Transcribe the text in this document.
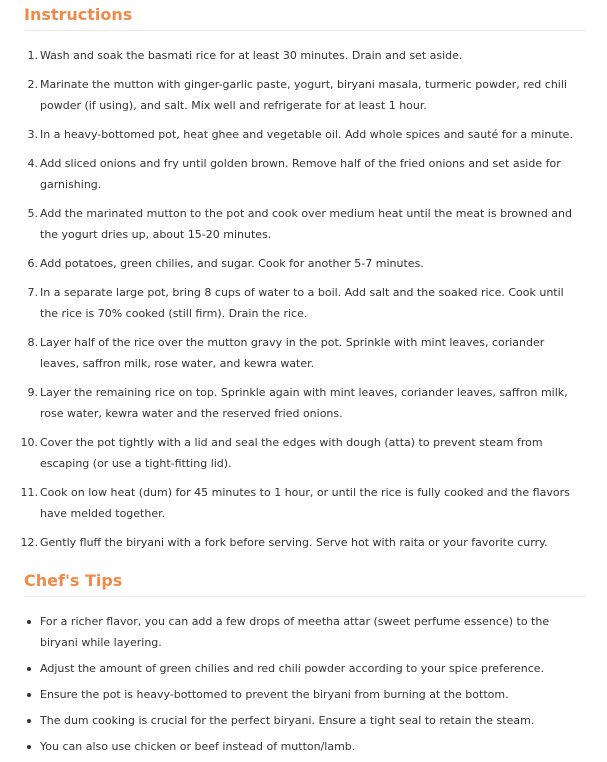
Instructions
1. Wash and soak the basmati rice for at least 30 minutes. Drain and set aside.
2. Marinate the mutton with ginger-garlic paste, yogurt, biryani masala, turmeric powder, red chili powder (if using), and salt. Mix well and refrigerate for at least 1 hour.
3. In a heavy-bottomed pot, heat ghee and vegetable oil. Add whole spices and sauté for a minute.
4. Add sliced onions and fry until golden brown. Remove half of the fried onions and set aside for garnishing.
5. Add the marinated mutton to the pot and cook over medium heat until the meat is browned and the yogurt dries up, about 15-20 minutes.
6. Add potatoes, green chilies, and sugar. Cook for another 5-7 minutes.
7. In a separate large pot, bring 8 cups of water to a boil. Add salt and the soaked rice. Cook until the rice is 70% cooked (still firm). Drain the rice.
8. Layer half of the rice over the mutton gravy in the pot. Sprinkle with mint leaves, coriander leaves, saffron milk, rose water, and kewra water.
9. Layer the remaining rice on top. Sprinkle again with mint leaves, coriander leaves, saffron milk, rose water, kewra water and the reserved fried onions.
10. Cover the pot tightly with a lid and seal the edges with dough (atta) to prevent steam from escaping (or use a tight-fitting lid).
11. Cook on low heat (dum) for 45 minutes to 1 hour, or until the rice is fully cooked and the flavors have melded together.
12. Gently fluff the biryani with a fork before serving. Serve hot with raita or your favorite curry.
Chef's Tips
For a richer flavor, you can add a few drops of meetha attar (sweet perfume essence) to the biryani while layering.
Adjust the amount of green chilies and red chili powder according to your spice preference.
Ensure the pot is heavy-bottomed to prevent the biryani from burning at the bottom.
The dum cooking is crucial for the perfect biryani. Ensure a tight seal to retain the steam.
You can also use chicken or beef instead of mutton/lamb.
